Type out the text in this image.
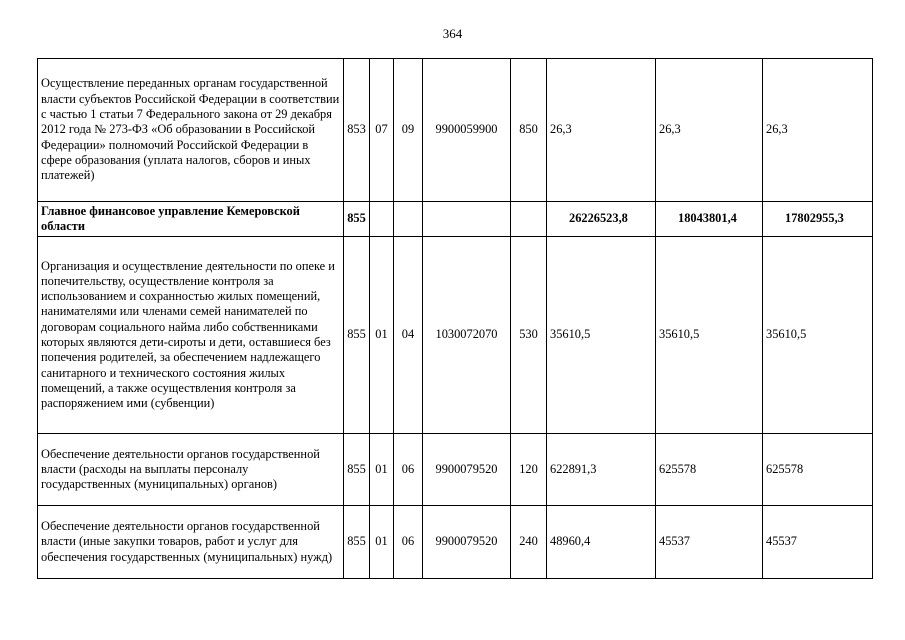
364
Осуществление переданных органам государственной власти субъектов Российской Федерации в соответствии с частью 1 статьи 7 Федерального закона от 29 декабря 2012 года № 273-ФЗ «Об образовании в Российской Федерации» полномочий Российской Федерации в сфере образования (уплата налогов, сборов и иных платежей)	853	07	09	9900059900	850	26,3	26,3	26,3
Главное финансовое управление Кемеровской области	855					26226523,8	18043801,4	17802955,3
Организация и осуществление деятельности по опеке и попечительству, осуществление контроля за использованием и сохранностью жилых помещений, нанимателями или членами семей нанимателей по договорам социального найма либо собственниками которых являются дети-сироты и дети, оставшиеся без попечения родителей, за обеспечением надлежащего санитарного и технического состояния жилых помещений, а также осуществления контроля за распоряжением ими (субвенции)	855	01	04	1030072070	530	35610,5	35610,5	35610,5
Обеспечение деятельности органов государственной власти (расходы на выплаты персоналу государственных (муниципальных) органов)	855	01	06	9900079520	120	622891,3	625578	625578
Обеспечение деятельности органов государственной власти (иные закупки товаров, работ и услуг для обеспечения государственных (муниципальных) нужд)	855	01	06	9900079520	240	48960,4	45537	45537
